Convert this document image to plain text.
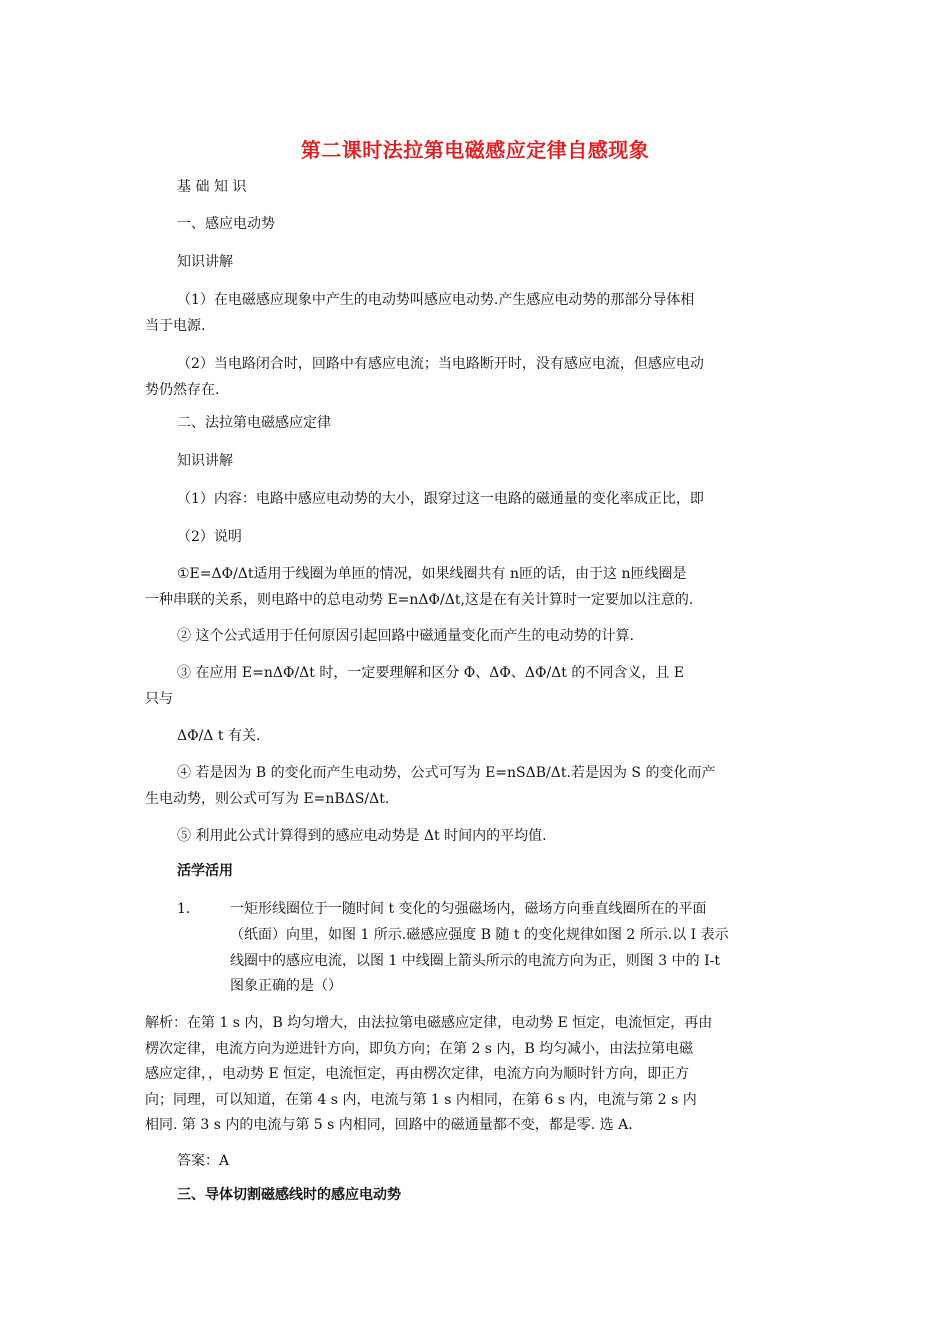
第二课时法拉第电磁感应定律自感现象
基 础 知 识
一、感应电动势
知识讲解
（1）在电磁感应现象中产生的电动势叫感应电动势.产生感应电动势的那部分导体相
当于电源.
（2）当电路闭合时，回路中有感应电流；当电路断开时，没有感应电流，但感应电动
势仍然存在.
二、法拉第电磁感应定律
知识讲解
（1）内容：电路中感应电动势的大小，跟穿过这一电路的磁通量的变化率成正比，即
（2）说明
①E=ΔΦ/Δt适用于线圈为单匝的情况，如果线圈共有 n匝的话，由于这 n匝线圈是
一种串联的关系，则电路中的总电动势 E=nΔΦ/Δt,这是在有关计算时一定要加以注意的.
② 这个公式适用于任何原因引起回路中磁通量变化而产生的电动势的计算.
③ 在应用 E=nΔΦ/Δt 时，一定要理解和区分 Φ、ΔΦ、ΔΦ/Δt 的不同含义，且 E
只与
ΔΦ/Δ t 有关.
④ 若是因为 B 的变化而产生电动势，公式可写为 E=nSΔB/Δt.若是因为 S 的变化而产
生电动势，则公式可写为 E=nBΔS/Δt.
⑤ 利用此公式计算得到的感应电动势是 Δt 时间内的平均值.
活学活用
1.	一矩形线圈位于一随时间 t 变化的匀强磁场内，磁场方向垂直线圈所在的平面
（纸面）向里，如图 1 所示.磁感应强度 B 随 t 的变化规律如图 2 所示.以 I 表示
线圈中的感应电流，以图 1 中线圈上箭头所示的电流方向为正，则图 3 中的 I-t
图象正确的是（）
解析：在第 1 s 内，B 均匀增大，由法拉第电磁感应定律，电动势 E 恒定，电流恒定，再由
楞次定律，电流方向为逆进针方向，即负方向；在第 2 s 内，B 均匀减小，由法拉第电磁
感应定律，，电动势 E 恒定，电流恒定，再由楞次定律，电流方向为顺时针方向，即正方
向；同理，可以知道，在第 4 s 内，电流与第 1 s 内相同，在第 6 s 内，电流与第 2 s 内
相同. 第 3 s 内的电流与第 5 s 内相同，回路中的磁通量都不变，都是零. 选 A.
答案：A
三、导体切割磁感线时的感应电动势
